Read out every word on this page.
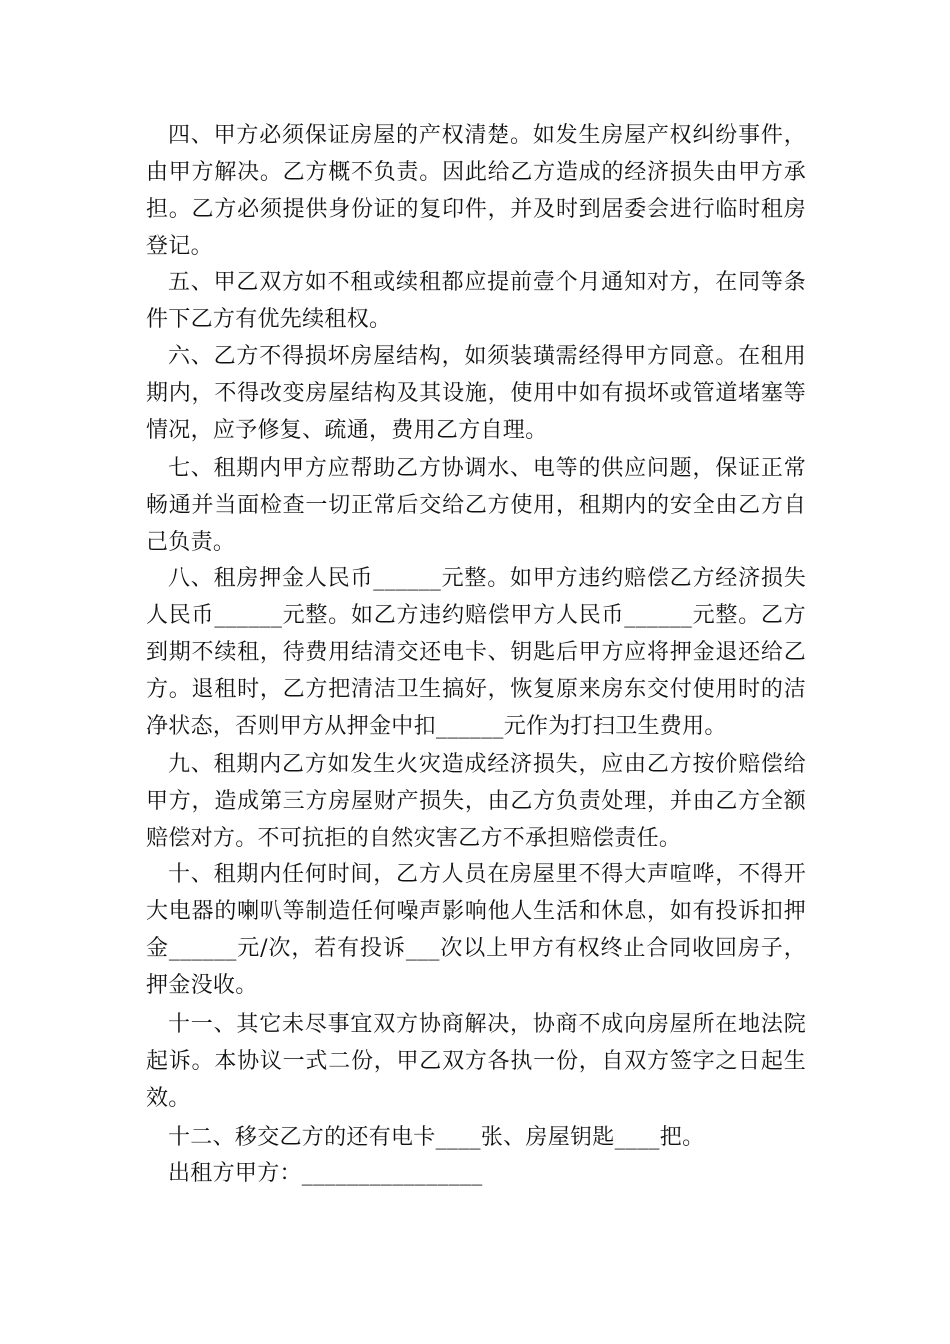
四、甲方必须保证房屋的产权清楚。如发生房屋产权纠纷事件，由甲方解决。乙方概不负责。因此给乙方造成的经济损失由甲方承担。乙方必须提供身份证的复印件，并及时到居委会进行临时租房登记。

五、甲乙双方如不租或续租都应提前壹个月通知对方，在同等条件下乙方有优先续租权。

六、乙方不得损坏房屋结构，如须装璜需经得甲方同意。在租用期内，不得改变房屋结构及其设施，使用中如有损坏或管道堵塞等情况，应予修复、疏通，费用乙方自理。

七、租期内甲方应帮助乙方协调水、电等的供应问题，保证正常畅通并当面检查一切正常后交给乙方使用，租期内的安全由乙方自己负责。

八、租房押金人民币______元整。如甲方违约赔偿乙方经济损失人民币______元整。如乙方违约赔偿甲方人民币______元整。乙方到期不续租，待费用结清交还电卡、钥匙后甲方应将押金退还给乙方。退租时，乙方把清洁卫生搞好，恢复原来房东交付使用时的洁净状态，否则甲方从押金中扣______元作为打扫卫生费用。

九、租期内乙方如发生火灾造成经济损失，应由乙方按价赔偿给甲方，造成第三方房屋财产损失，由乙方负责处理，并由乙方全额赔偿对方。不可抗拒的自然灾害乙方不承担赔偿责任。

十、租期内任何时间，乙方人员在房屋里不得大声喧哗，不得开大电器的喇叭等制造任何噪声影响他人生活和休息，如有投诉扣押金______元/次，若有投诉___次以上甲方有权终止合同收回房子，押金没收。

十一、其它未尽事宜双方协商解决，协商不成向房屋所在地法院起诉。本协议一式二份，甲乙双方各执一份，自双方签字之日起生效。

十二、移交乙方的还有电卡____张、房屋钥匙____把。

出租方甲方：________________
